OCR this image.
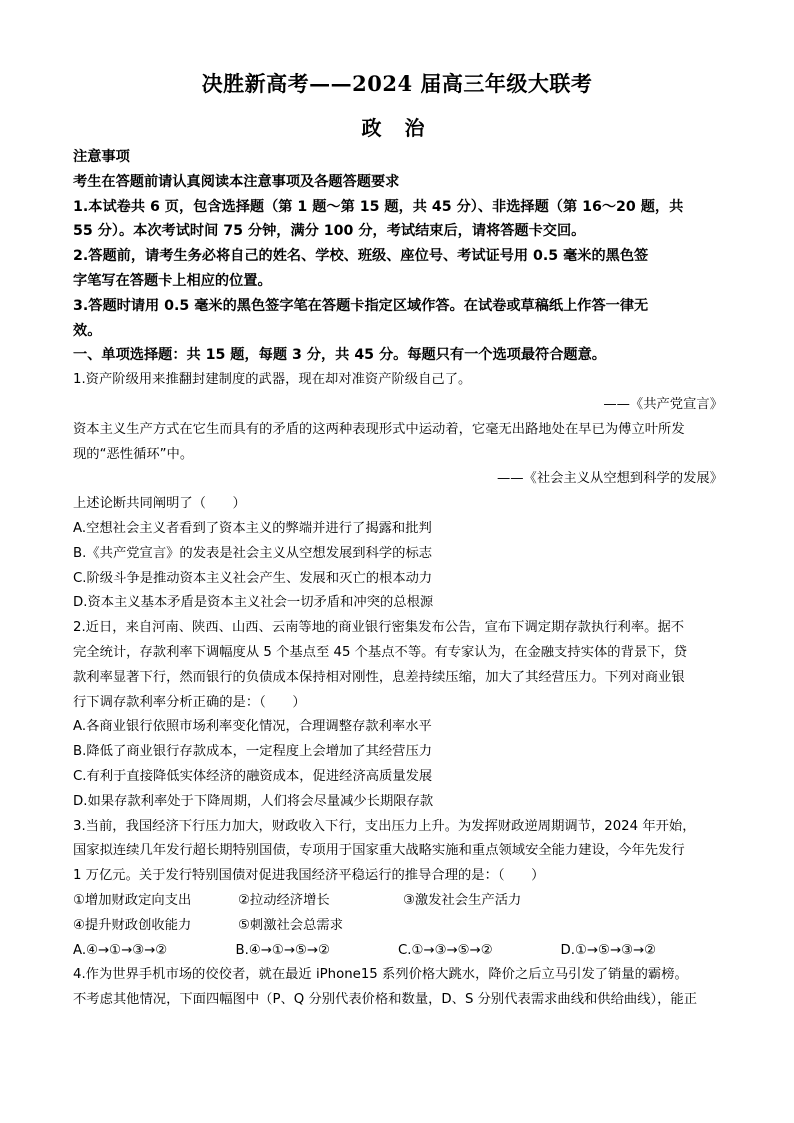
决胜新高考——2024 届高三年级大联考
政 治

注意事项

考生在答题前请认真阅读本注意事项及各题答题要求

1.本试卷共 6 页，包含选择题（第 1 题～第 15 题，共 45 分）、非选择题（第 16～20 题，共

55 分）。本次考试时间 75 分钟，满分 100 分，考试结束后，请将答题卡交回。

2.答题前，请考生务必将自己的姓名、学校、班级、座位号、考试证号用 0.5 毫米的黑色签

字笔写在答题卡上相应的位置。

3.答题时请用 0.5 毫米的黑色签字笔在答题卡指定区域作答。在试卷或草稿纸上作答一律无

效。

一、单项选择题：共 15 题，每题 3 分，共 45 分。每题只有一个选项最符合题意。

1.资产阶级用来推翻封建制度的武器，现在却对准资产阶级自己了。

——《共产党宣言》

资本主义生产方式在它生而具有的矛盾的这两种表现形式中运动着，它毫无出路地处在早已为傅立叶所发

现的“恶性循环”中。

——《社会主义从空想到科学的发展》

上述论断共同阐明了（　　）

A.空想社会主义者看到了资本主义的弊端并进行了揭露和批判

B.《共产党宣言》的发表是社会主义从空想发展到科学的标志

C.阶级斗争是推动资本主义社会产生、发展和灭亡的根本动力

D.资本主义基本矛盾是资本主义社会一切矛盾和冲突的总根源

2.近日，来自河南、陕西、山西、云南等地的商业银行密集发布公告，宣布下调定期存款执行利率。据不

完全统计，存款利率下调幅度从 5 个基点至 45 个基点不等。有专家认为，在金融支持实体的背景下，贷

款利率显著下行，然而银行的负债成本保持相对刚性，息差持续压缩，加大了其经营压力。下列对商业银

行下调存款利率分析正确的是：（　　）

A.各商业银行依照市场利率变化情况，合理调整存款利率水平

B.降低了商业银行存款成本，一定程度上会增加了其经营压力

C.有利于直接降低实体经济的融资成本，促进经济高质量发展

D.如果存款利率处于下降周期，人们将会尽量减少长期限存款

3.当前，我国经济下行压力加大，财政收入下行，支出压力上升。为发挥财政逆周期调节，2024 年开始，

国家拟连续几年发行超长期特别国债，专项用于国家重大战略实施和重点领域安全能力建设，今年先发行

1 万亿元。关于发行特别国债对促进我国经济平稳运行的推导合理的是：（　　）

①增加财政定向支出	②拉动经济增长	③激发社会生产活力

④提升财政创收能力	⑤刺激社会总需求

A.④→①→③→②	B.④→①→⑤→②	C.①→③→⑤→②	D.①→⑤→③→②

4.作为世界手机市场的佼佼者，就在最近 iPhone15 系列价格大跳水，降价之后立马引发了销量的霸榜。

不考虑其他情况，下面四幅图中（P、Q 分别代表价格和数量，D、S 分别代表需求曲线和供给曲线），能正
